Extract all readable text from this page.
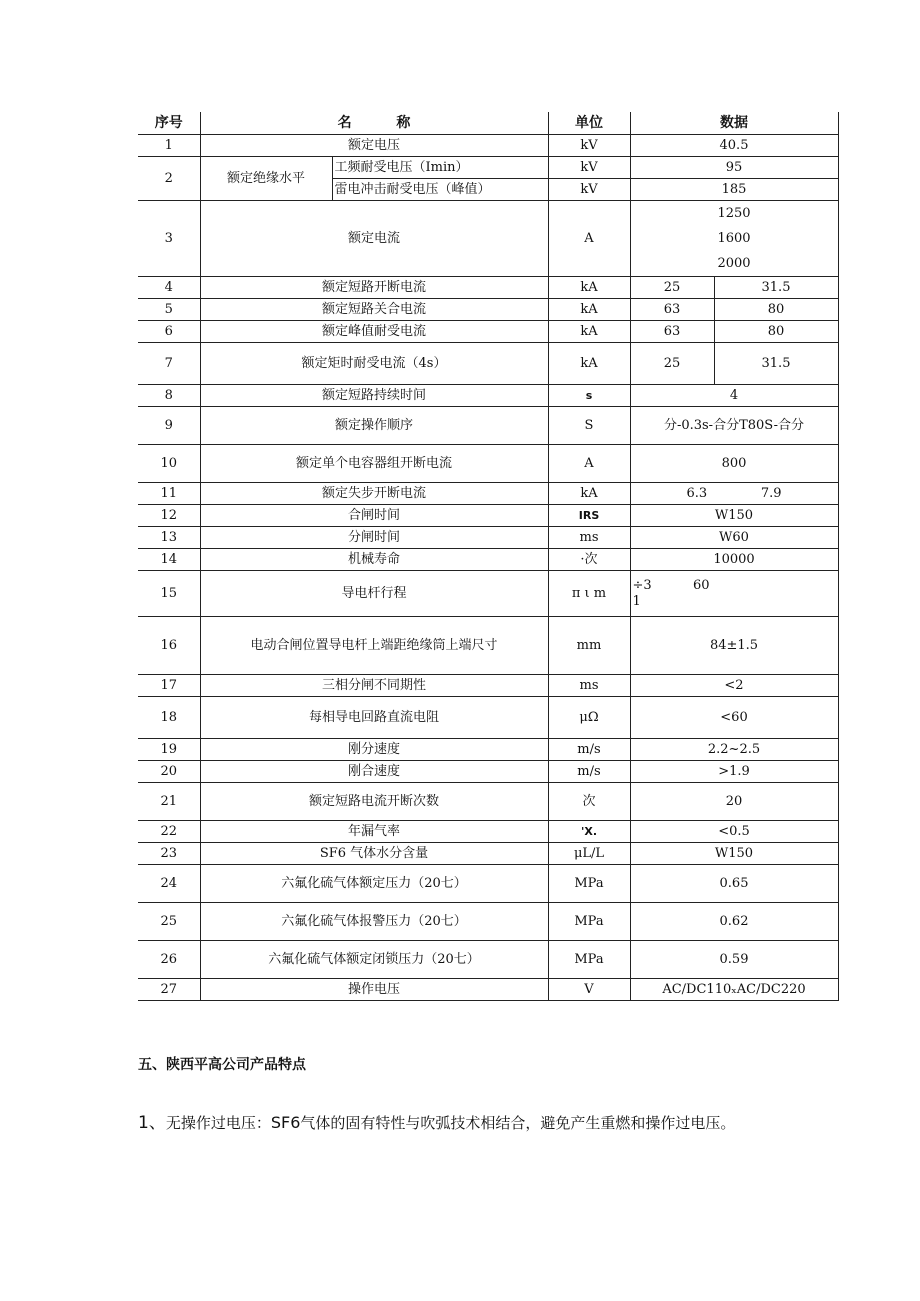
序号	名 称		单位	数据	
1	额定电压		kV	40.5	
2	额定绝缘水平	工频耐受电压（Imin）	kV	95	
		雷电冲击耐受电压（峰值）	kV	185	
3	额定电流		A	1250
1600
2000	

4	额定短路开断电流		kA	25	31.5
5	额定短路关合电流		kA	63	80
6	额定峰值耐受电流		kA	63	80
7	额定矩时耐受电流（4s）		kA	25	31.5
8	额定短路持续时间		s	4	
9	额定操作顺序		S	分-0.3s-合分T80S-合分	
10	额定单个电容器组开断电流		A	800	
11	额定失步开断电流		kA	6.3             7.9	
12	合闸时间		IRS	W150	
13	分闸时间		ms	W60	
14	机械寿命		·次	10000	
15	导电杆行程		π ι m	÷3          60
1	

16	电动合闸位置导电杆上端距绝缘筒上端尺寸		mm	84±1.5	
17	三相分闸不同期性		ms	<2	
18	每相导电回路直流电阻		μΩ	<60	
19	刚分速度		m/s	2.2~2.5	
20	刚合速度		m/s	>1.9	
21	额定短路电流开断次数		次	20	
22	年漏气率		'X.	<0.5	
23	SF6 气体水分含量		μL/L	W150	
24	六氟化硫气体额定压力（20七）		MPa	0.65	
25	六氟化硫气体报警压力（20七）		MPa	0.62	
26	六氟化硫气体额定闭锁压力（20七）		MPa	0.59	
27	操作电压		V	AC/DC110ₓAC/DC220	
五、陕西平高公司产品特点
1、无操作过电压：SF6气体的固有特性与吹弧技术相结合，避免产生重燃和操作过电压。
